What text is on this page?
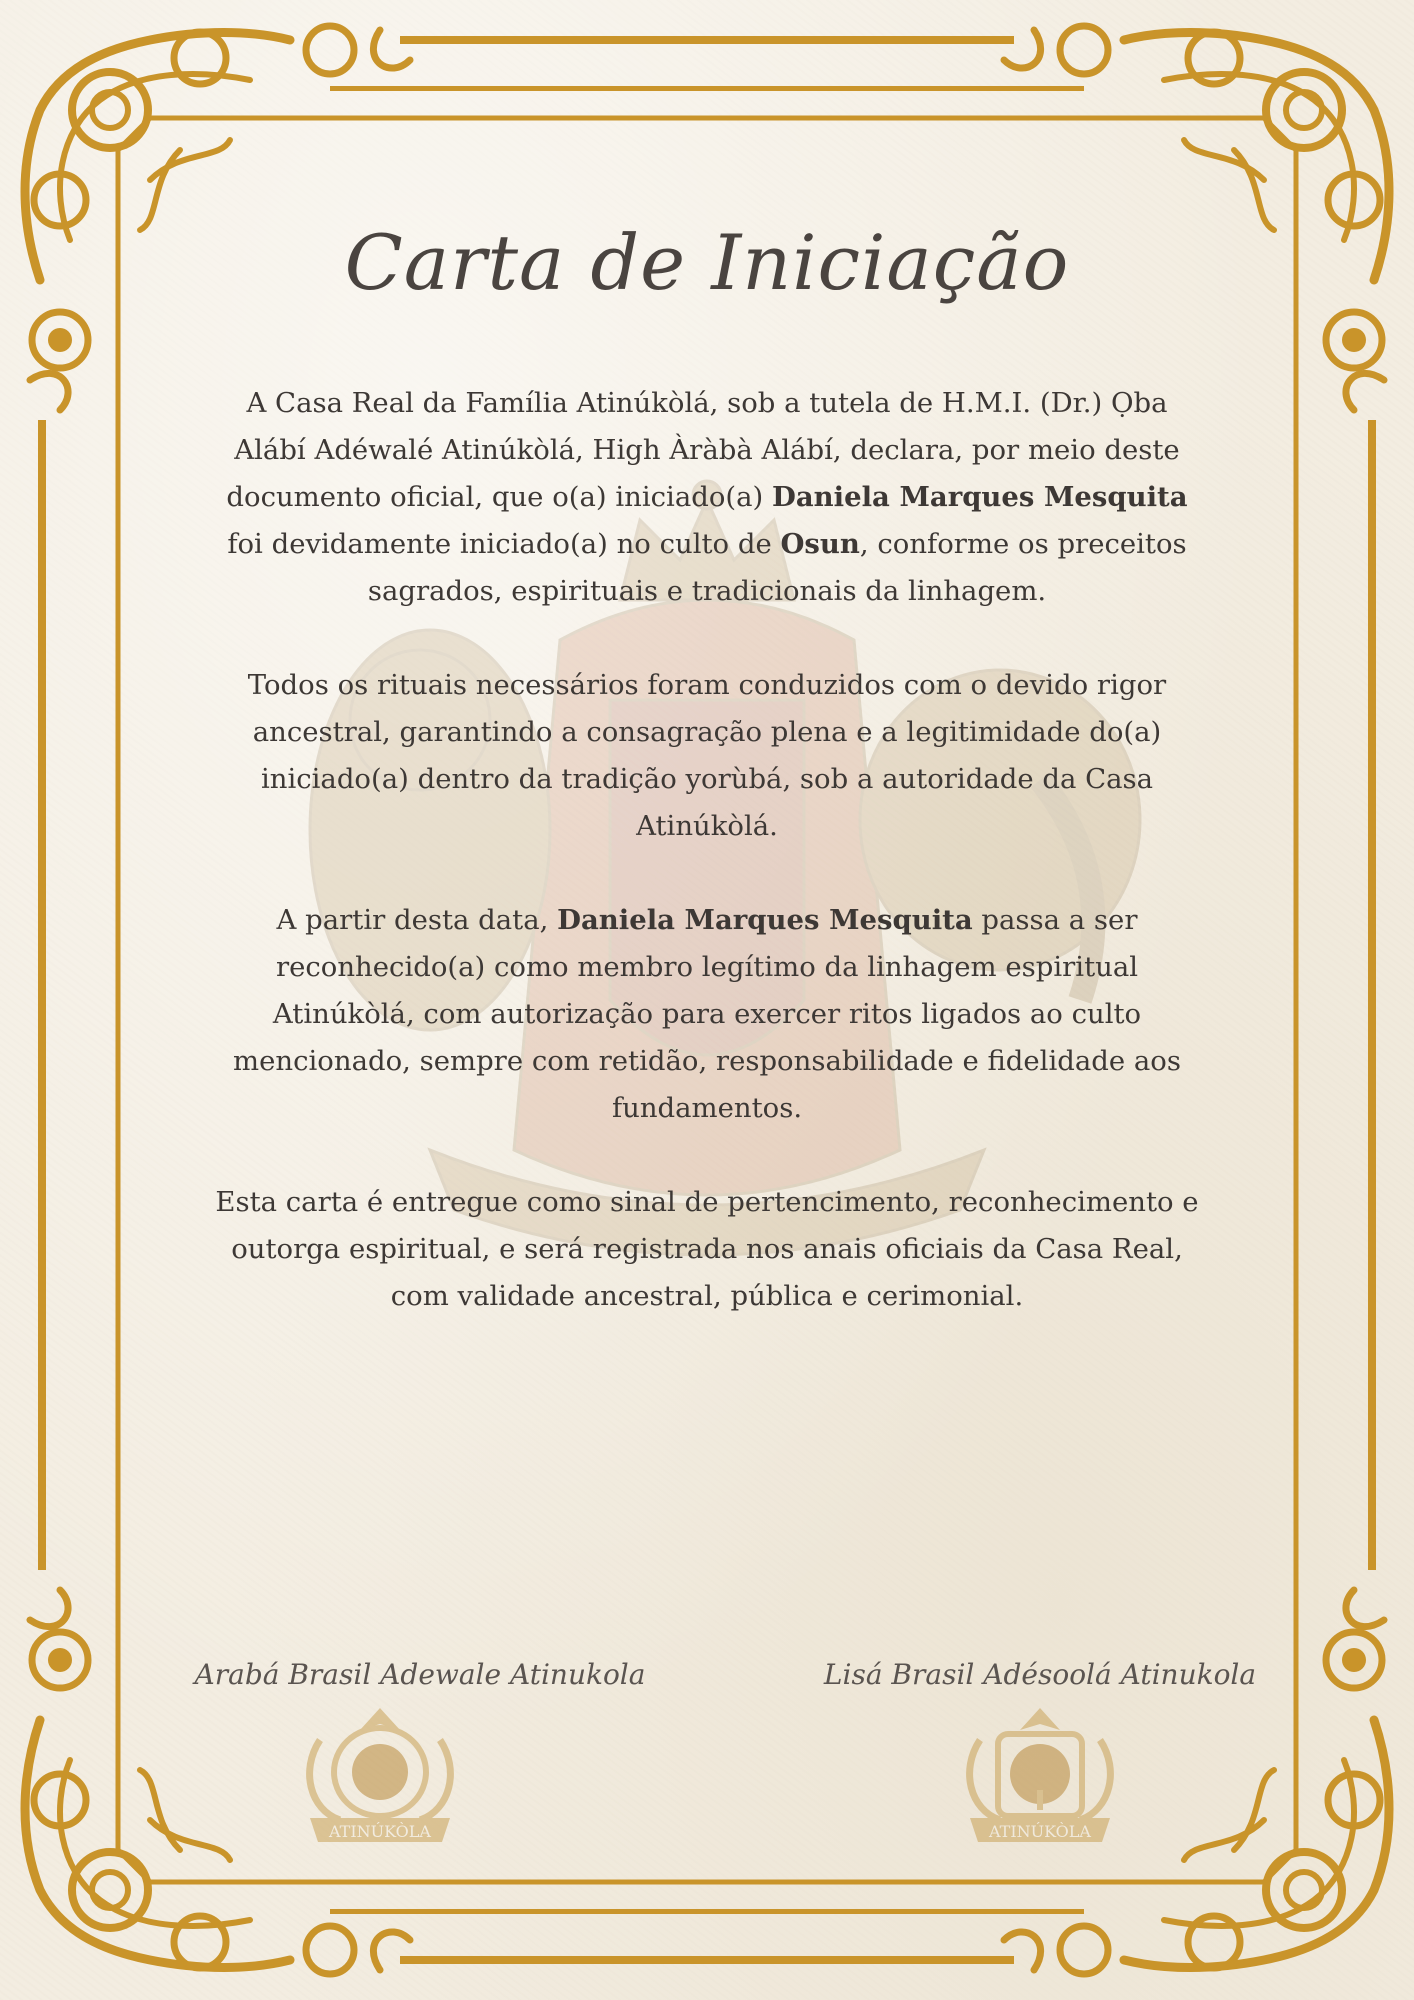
Carta de Iniciação

A Casa Real da Família Atinúkòlá, sob a tutela de H.M.I. (Dr.) Ọba Alábí Adéwalé Atinúkòlá, High Àràbà Alábí, declara, por meio deste documento oficial, que o(a) iniciado(a) Daniela Marques Mesquita foi devidamente iniciado(a) no culto de Osun, conforme os preceitos sagrados, espirituais e tradicionais da linhagem.

Todos os rituais necessários foram conduzidos com o devido rigor ancestral, garantindo a consagração plena e a legitimidade do(a) iniciado(a) dentro da tradição yorùbá, sob a autoridade da Casa Atinúkòlá.

A partir desta data, Daniela Marques Mesquita passa a ser reconhecido(a) como membro legítimo da linhagem espiritual Atinúkòlá, com autorização para exercer ritos ligados ao culto mencionado, sempre com retidão, responsabilidade e fidelidade aos fundamentos.

Esta carta é entregue como sinal de pertencimento, reconhecimento e outorga espiritual, e será registrada nos anais oficiais da Casa Real, com validade ancestral, pública e cerimonial.

Arabá Brasil Adewale Atinukola	Lisá Brasil Adésoolá Atinukola
ATINÚKÒLA	ATINÚKÒLA
